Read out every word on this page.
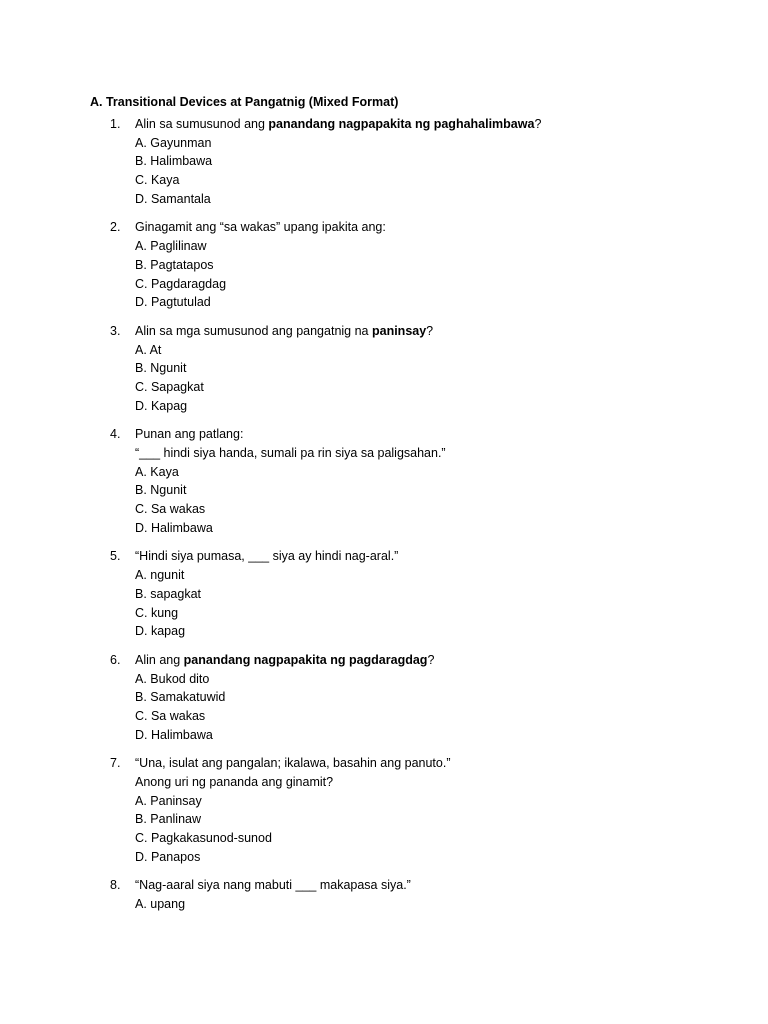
A. Transitional Devices at Pangatnig (Mixed Format)
1. Alin sa sumusunod ang panandang nagpapakita ng paghahalimbawa?
A. Gayunman
B. Halimbawa
C. Kaya
D. Samantala
2. Ginagamit ang “sa wakas” upang ipakita ang:
A. Paglilinaw
B. Pagtatapos
C. Pagdaragdag
D. Pagtutulad
3. Alin sa mga sumusunod ang pangatnig na paninsay?
A. At
B. Ngunit
C. Sapagkat
D. Kapag
4. Punan ang patlang:
“___ hindi siya handa, sumali pa rin siya sa paligsahan.”
A. Kaya
B. Ngunit
C. Sa wakas
D. Halimbawa
5. “Hindi siya pumasa, ___ siya ay hindi nag-aral.”
A. ngunit
B. sapagkat
C. kung
D. kapag
6. Alin ang panandang nagpapakita ng pagdaragdag?
A. Bukod dito
B. Samakatuwid
C. Sa wakas
D. Halimbawa
7. “Una, isulat ang pangalan; ikalawa, basahin ang panuto.”
Anong uri ng pananda ang ginamit?
A. Paninsay
B. Panlinaw
C. Pagkakasunod-sunod
D. Panapos
8. “Nag-aaral siya nang mabuti ___ makapasa siya.”
A. upang
